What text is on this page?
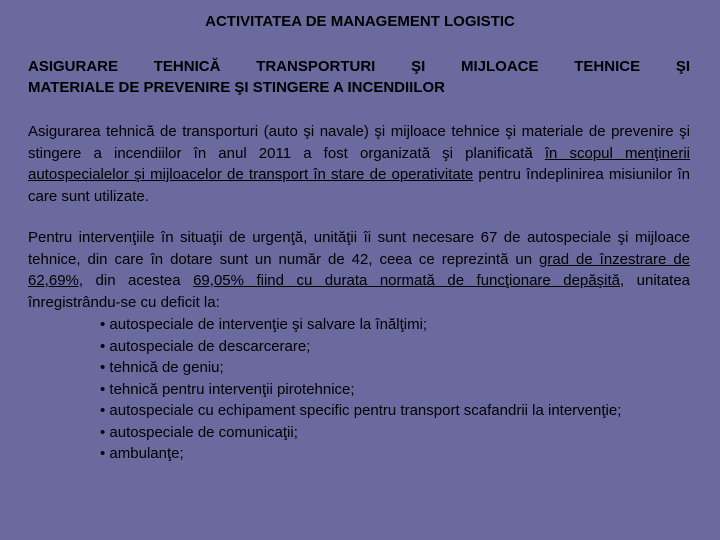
ACTIVITATEA DE MANAGEMENT LOGISTIC
ASIGURARE TEHNICĂ TRANSPORTURI ŞI MIJLOACE TEHNICE ŞI
MATERIALE DE PREVENIRE ŞI STINGERE A INCENDIILOR

Asigurarea tehnică de transporturi (auto şi navale) şi mijloace tehnice şi materiale de prevenire şi stingere a incendiilor în anul 2011 a fost organizată şi planificată în scopul menţinerii autospecialelor şi mijloacelor de transport în stare de operativitate pentru îndeplinirea misiunilor în care sunt utilizate.

Pentru intervenţiile în situaţii de urgenţă, unităţii îi sunt necesare 67 de autospeciale şi mijloace tehnice, din care în dotare sunt un număr de 42, ceea ce reprezintă un grad de înzestrare de 62,69%, din acestea 69,05% fiind cu durata normată de funcţionare depăşită, unitatea înregistrându-se cu deficit la:

• autospeciale de intervenţie şi salvare la înălţimi;
• autospeciale de descarcerare;
• tehnică de geniu;
• tehnică pentru intervenţii pirotehnice;
• autospeciale cu echipament specific pentru transport scafandrii la intervenţie;
• autospeciale de comunicaţii;
• ambulanţe;
